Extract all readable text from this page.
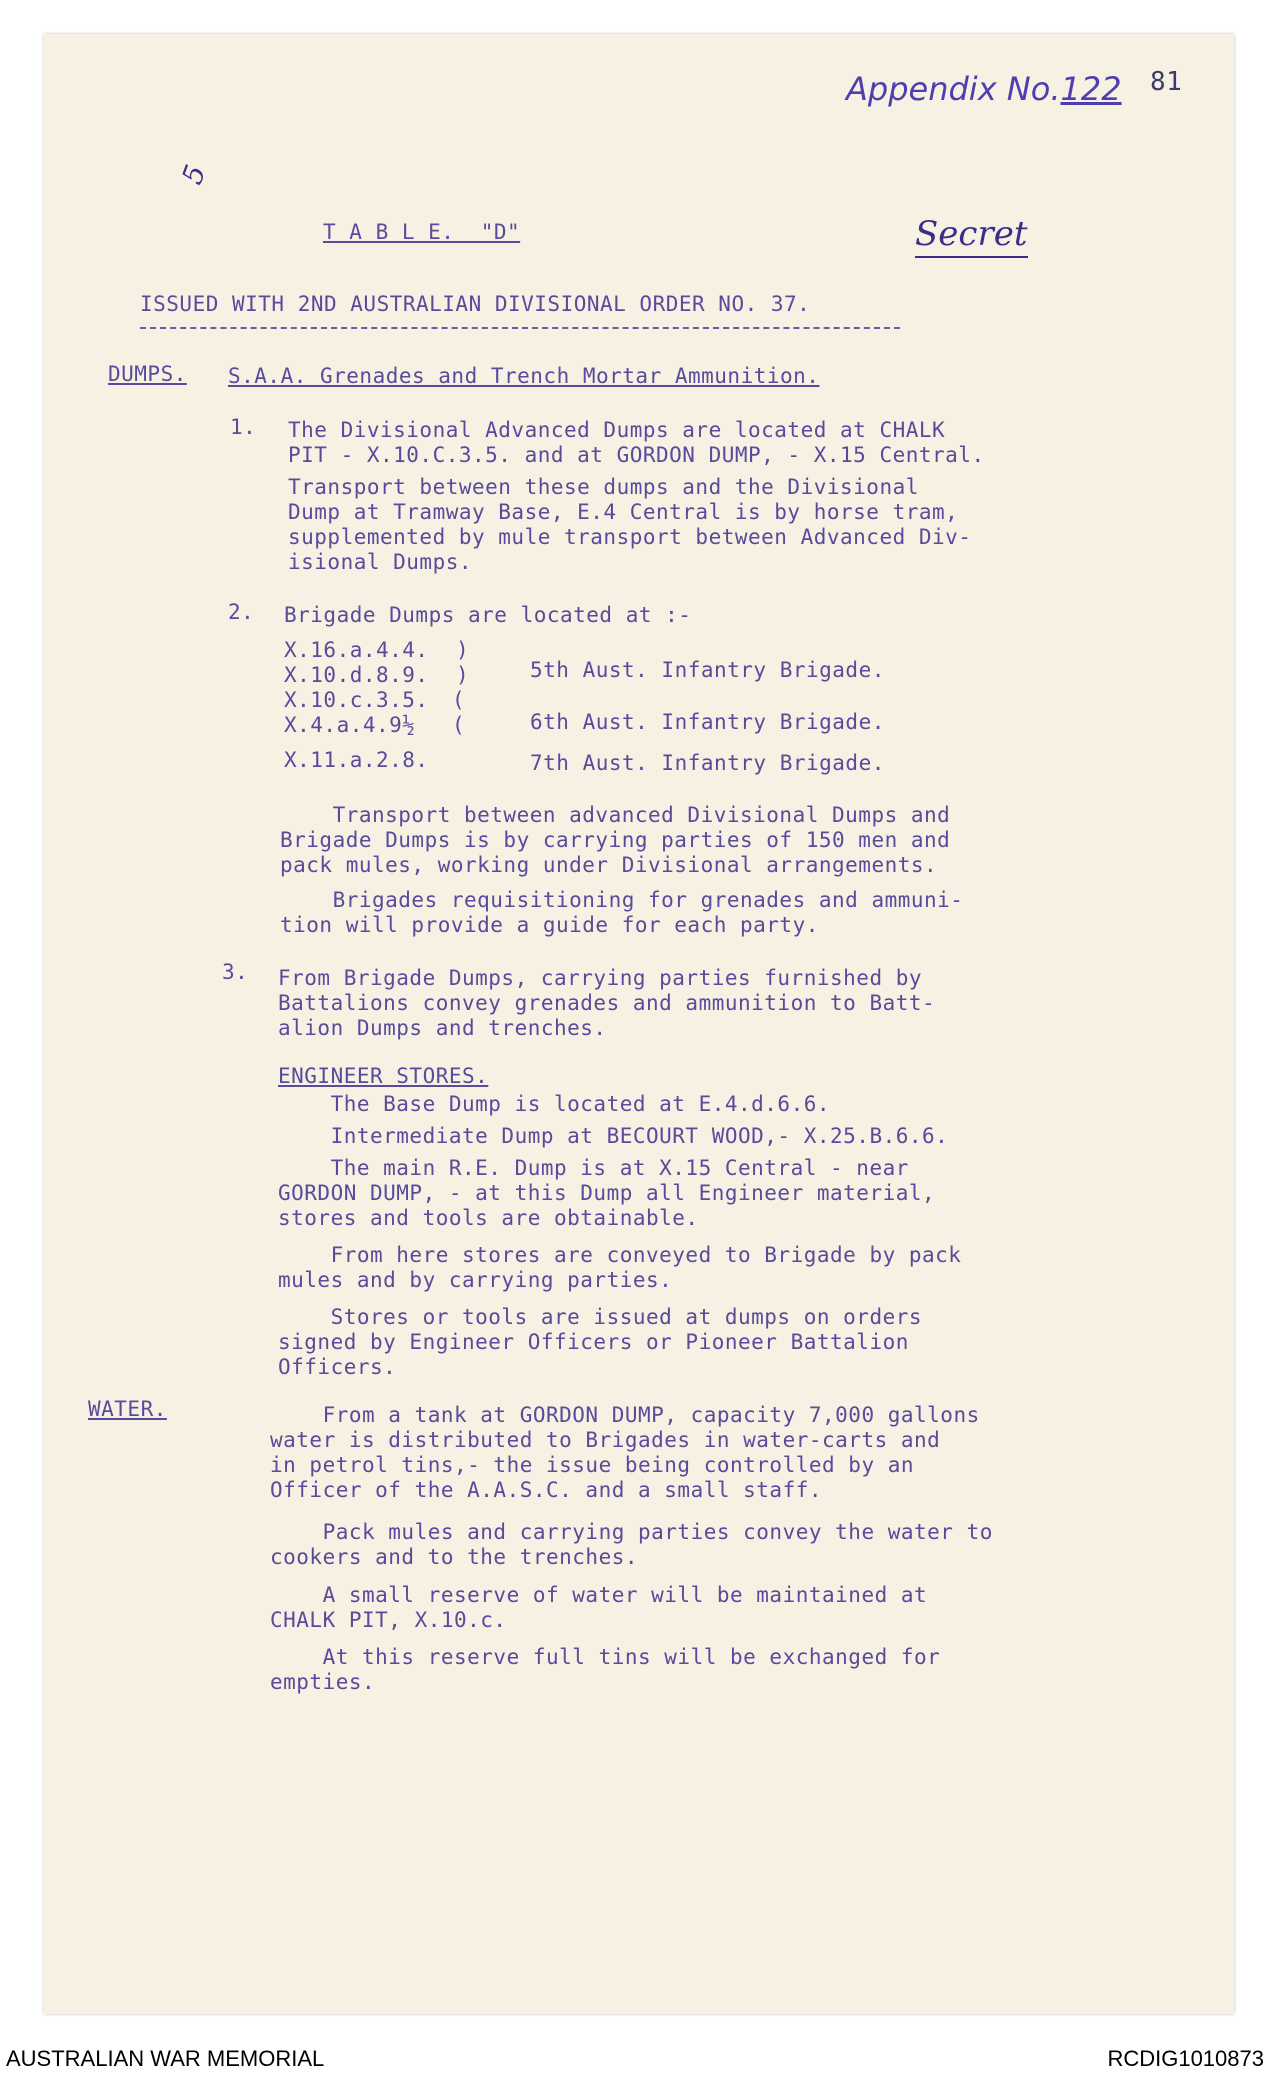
Appendix No.122 81
5
Secret
T A B L E.  "D"
ISSUED WITH 2ND AUSTRALIAN DIVISIONAL ORDER NO. 37.
DUMPS. S.A.A. Grenades and Trench Mortar Ammunition.
1. The Divisional Advanced Dumps are located at CHALK
PIT - X.10.C.3.5. and at GORDON DUMP, - X.15 Central.
Transport between these dumps and the Divisional
Dump at Tramway Base, E.4 Central is by horse tram,
supplemented by mule transport between Advanced Div-
isional Dumps.
2. Brigade Dumps are located at :-
X.16.a.4.4.
X.10.d.8.9.
X.10.c.3.5.
X.4.a.4.9½
X.11.a.2.8.
)
)
(
(
5th Aust. Infantry Brigade.
6th Aust. Infantry Brigade.
7th Aust. Infantry Brigade.
Transport between advanced Divisional Dumps and
Brigade Dumps is by carrying parties of 150 men and
pack mules, working under Divisional arrangements.
Brigades requisitioning for grenades and ammuni-
tion will provide a guide for each party.
3. From Brigade Dumps, carrying parties furnished by
Battalions convey grenades and ammunition to Batt-
alion Dumps and trenches.
ENGINEER STORES.
The Base Dump is located at E.4.d.6.6.
Intermediate Dump at BECOURT WOOD,- X.25.B.6.6.
The main R.E. Dump is at X.15 Central - near
GORDON DUMP, - at this Dump all Engineer material,
stores and tools are obtainable.
From here stores are conveyed to Brigade by pack
mules and by carrying parties.
Stores or tools are issued at dumps on orders
signed by Engineer Officers or Pioneer Battalion
Officers.
WATER.	From a tank at GORDON DUMP, capacity 7,000 gallons
water is distributed to Brigades in water-carts and
in petrol tins,- the issue being controlled by an
Officer of the A.A.S.C. and a small staff.
Pack mules and carrying parties convey the water to
cookers and to the trenches.
A small reserve of water will be maintained at
CHALK PIT, X.10.c.
At this reserve full tins will be exchanged for
empties.
AUSTRALIAN WAR MEMORIAL	RCDIG1010873
